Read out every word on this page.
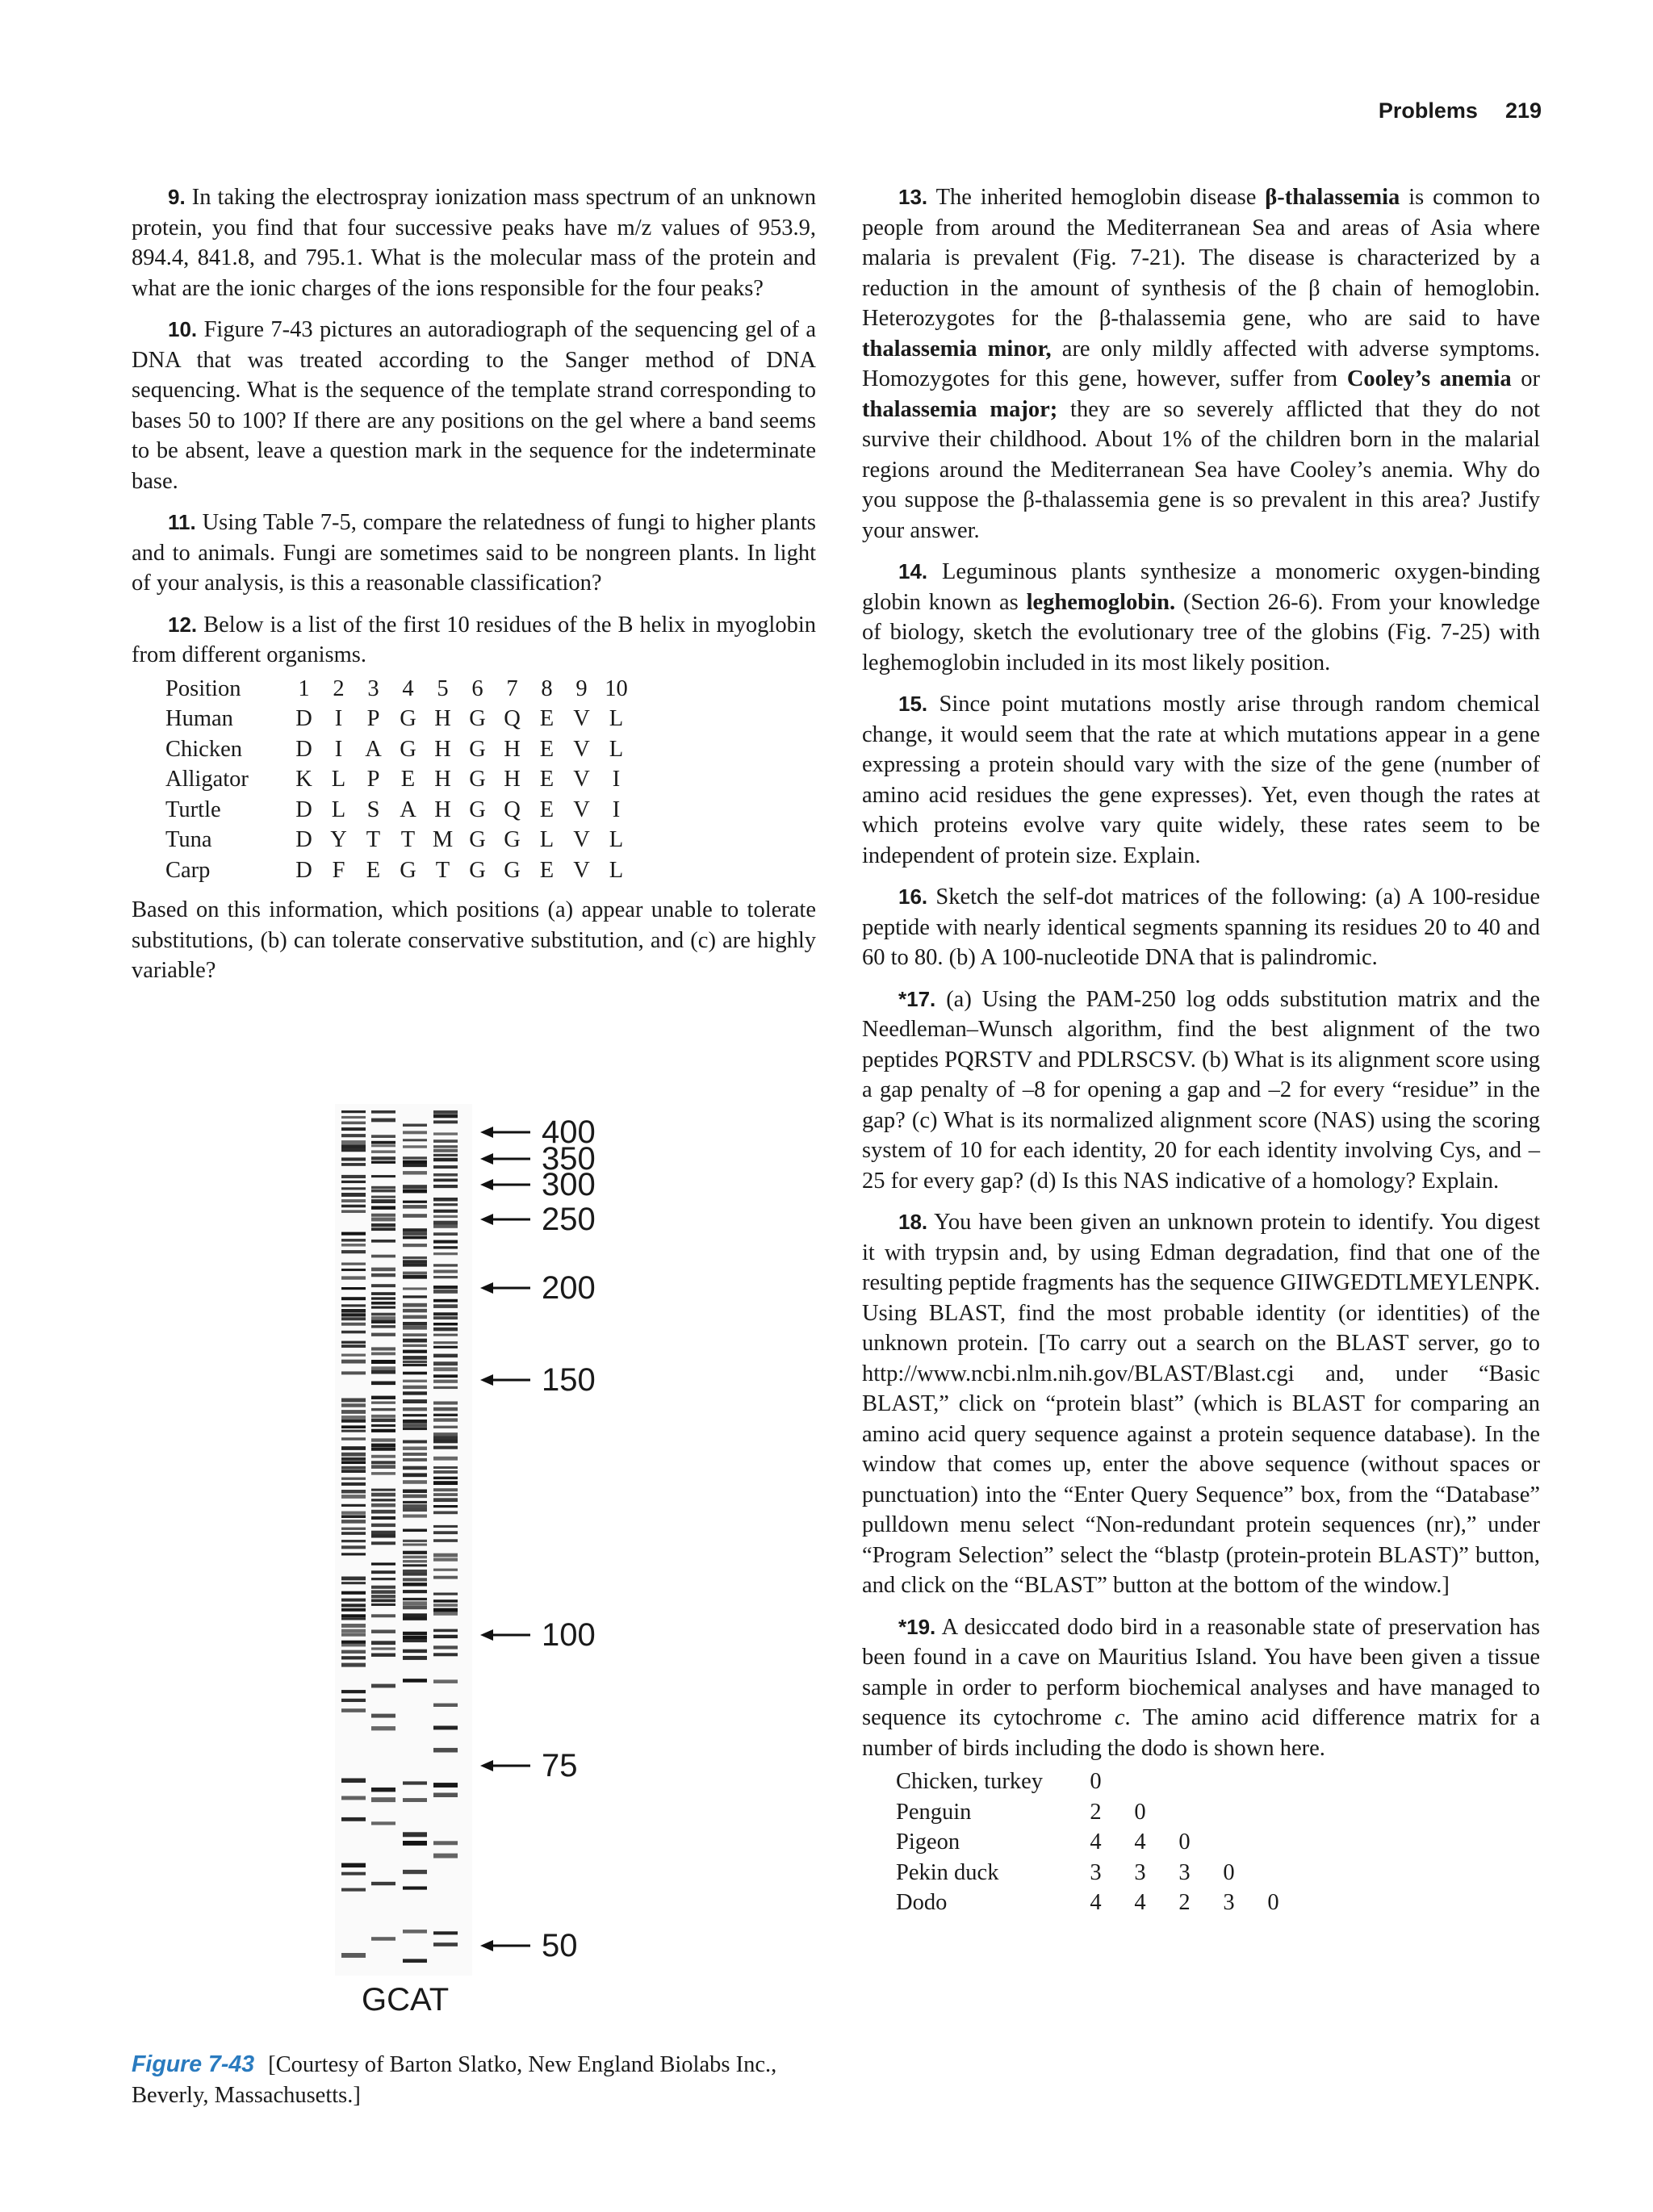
Problems 219

9. In taking the electrospray ionization mass spectrum of an unknown protein, you find that four successive peaks have m/z values of 953.9, 894.4, 841.8, and 795.1. What is the molecular mass of the protein and what are the ionic charges of the ions responsible for the four peaks?

10. Figure 7-43 pictures an autoradiograph of the sequencing gel of a DNA that was treated according to the Sanger method of DNA sequencing. What is the sequence of the template strand corresponding to bases 50 to 100? If there are any positions on the gel where a band seems to be absent, leave a question mark in the sequence for the indeterminate base.

11. Using Table 7-5, compare the relatedness of fungi to higher plants and to animals. Fungi are sometimes said to be nongreen plants. In light of your analysis, is this a reasonable classification?

12. Below is a list of the first 10 residues of the B helix in myoglobin from different organisms.

Position	1	2	3	4	5	6	7	8	9	10
Human	D	I	P	G	H	G	Q	E	V	L
Chicken	D	I	A	G	H	G	H	E	V	L
Alligator	K	L	P	E	H	G	H	E	V	I
Turtle	D	L	S	A	H	G	Q	E	V	I
Tuna	D	Y	T	T	M	G	G	L	V	L
Carp	D	F	E	G	T	G	G	E	V	L

Based on this information, which positions (a) appear unable to tolerate substitutions, (b) can tolerate conservative substitution, and (c) are highly variable?

13. The inherited hemoglobin disease β-thalassemia is common to people from around the Mediterranean Sea and areas of Asia where malaria is prevalent (Fig. 7-21). The disease is characterized by a reduction in the amount of synthesis of the β chain of hemoglobin. Heterozygotes for the β-thalassemia gene, who are said to have thalassemia minor, are only mildly affected with adverse symptoms. Homozygotes for this gene, however, suffer from Cooley’s anemia or thalassemia major; they are so severely afflicted that they do not survive their childhood. About 1% of the children born in the malarial regions around the Mediterranean Sea have Cooley’s anemia. Why do you suppose the β-thalassemia gene is so prevalent in this area? Justify your answer.

14. Leguminous plants synthesize a monomeric oxygen-binding globin known as leghemoglobin. (Section 26-6). From your knowledge of biology, sketch the evolutionary tree of the globins (Fig. 7-25) with leghemoglobin included in its most likely position.

15. Since point mutations mostly arise through random chemical change, it would seem that the rate at which mutations appear in a gene expressing a protein should vary with the size of the gene (number of amino acid residues the gene expresses). Yet, even though the rates at which proteins evolve vary quite widely, these rates seem to be independent of protein size. Explain.

16. Sketch the self-dot matrices of the following: (a) A 100-residue peptide with nearly identical segments spanning its residues 20 to 40 and 60 to 80. (b) A 100-nucleotide DNA that is palindromic.

*17. (a) Using the PAM-250 log odds substitution matrix and the Needleman–Wunsch algorithm, find the best alignment of the two peptides PQRSTV and PDLRSCSV. (b) What is its alignment score using a gap penalty of –8 for opening a gap and –2 for every “residue” in the gap? (c) What is its normalized alignment score (NAS) using the scoring system of 10 for each identity, 20 for each identity involving Cys, and –25 for every gap? (d) Is this NAS indicative of a homology? Explain.

18. You have been given an unknown protein to identify. You digest it with trypsin and, by using Edman degradation, find that one of the resulting peptide fragments has the sequence GIIWGEDTLMEYLENPK. Using BLAST, find the most probable identity (or identities) of the unknown protein. [To carry out a search on the BLAST server, go to http://www.ncbi.nlm.nih.gov/BLAST/Blast.cgi and, under “Basic BLAST,” click on “protein blast” (which is BLAST for comparing an amino acid query sequence against a protein sequence database). In the window that comes up, enter the above sequence (without spaces or punctuation) into the “Enter Query Sequence” box, from the “Database” pulldown menu select “Non-redundant protein sequences (nr),” under “Program Selection” select the “blastp (protein-protein BLAST)” button, and click on the “BLAST” button at the bottom of the window.]

*19. A desiccated dodo bird in a reasonable state of preservation has been found in a cave on Mauritius Island. You have been given a tissue sample in order to perform biochemical analyses and have managed to sequence its cytochrome c. The amino acid difference matrix for a number of birds including the dodo is shown here.

Chicken, turkey	0				
Penguin	2	0			
Pigeon	4	4	0		
Pekin duck	3	3	3	0	
Dodo	4	4	2	3	0
400
350
300
250
200
150
100
75
50
GCAT
Figure 7-43 [Courtesy of Barton Slatko, New England Biolabs Inc., Beverly, Massachusetts.]
